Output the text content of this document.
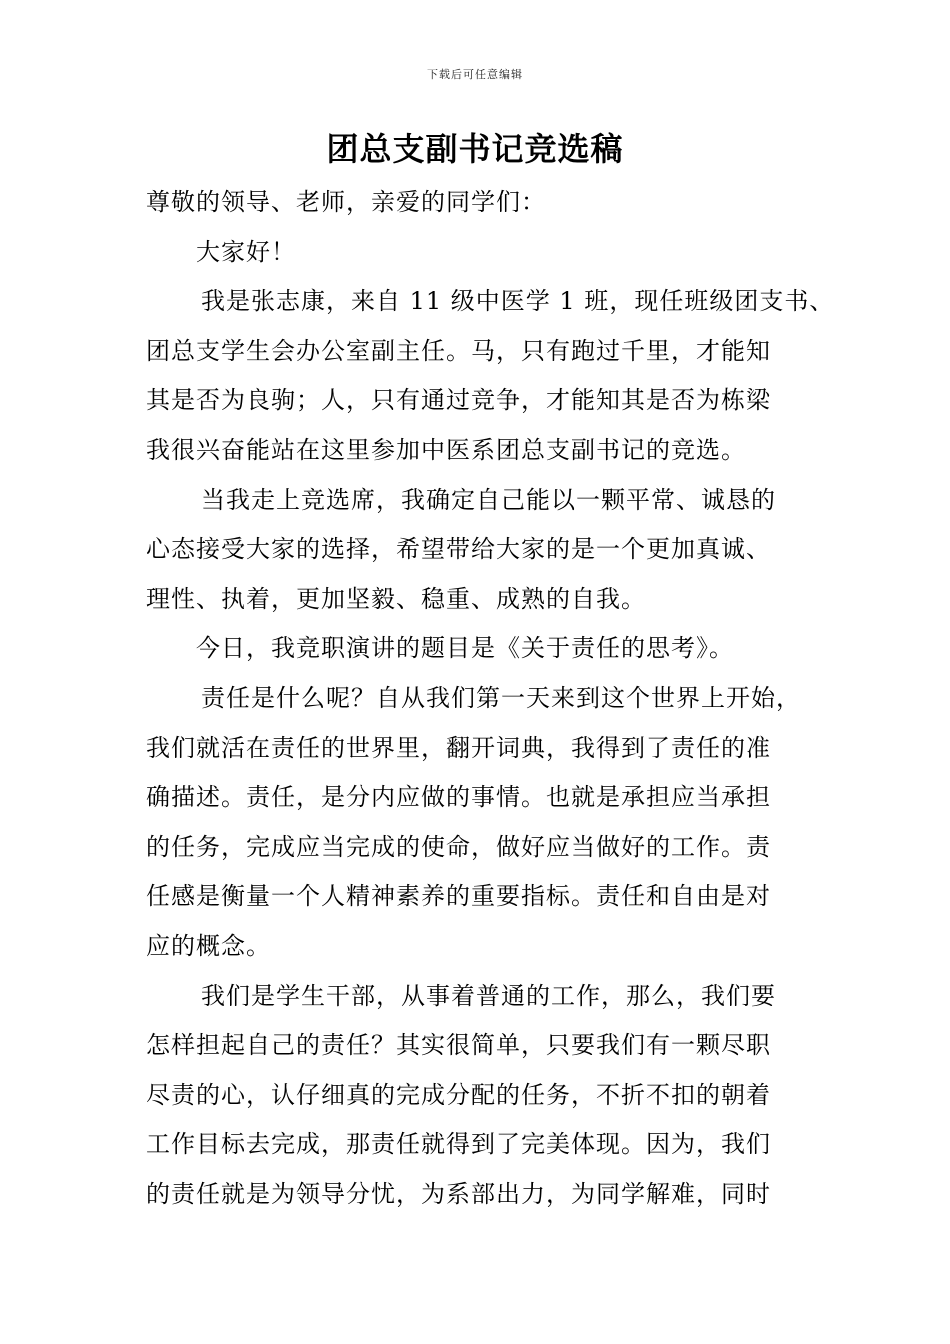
下载后可任意编辑
团总支副书记竞选稿
尊敬的领导、老师，亲爱的同学们：
大家好！
我是张志康，来自 11 级中医学 1 班，现任班级团支书、
团总支学生会办公室副主任。马，只有跑过千里，才能知
其是否为良驹；人，只有通过竞争，才能知其是否为栋梁
我很兴奋能站在这里参加中医系团总支副书记的竞选。
当我走上竞选席，我确定自己能以一颗平常、诚恳的
心态接受大家的选择，希望带给大家的是一个更加真诚、
理性、执着，更加坚毅、稳重、成熟的自我。
今日，我竞职演讲的题目是《关于责任的思考》。
责任是什么呢？自从我们第一天来到这个世界上开始，
我们就活在责任的世界里，翻开词典，我得到了责任的准
确描述。责任，是分内应做的事情。也就是承担应当承担
的任务，完成应当完成的使命，做好应当做好的工作。责
任感是衡量一个人精神素养的重要指标。责任和自由是对
应的概念。
我们是学生干部，从事着普通的工作，那么，我们要
怎样担起自己的责任？其实很简单，只要我们有一颗尽职
尽责的心，认仔细真的完成分配的任务，不折不扣的朝着
工作目标去完成，那责任就得到了完美体现。因为，我们
的责任就是为领导分忧，为系部出力，为同学解难，同时
